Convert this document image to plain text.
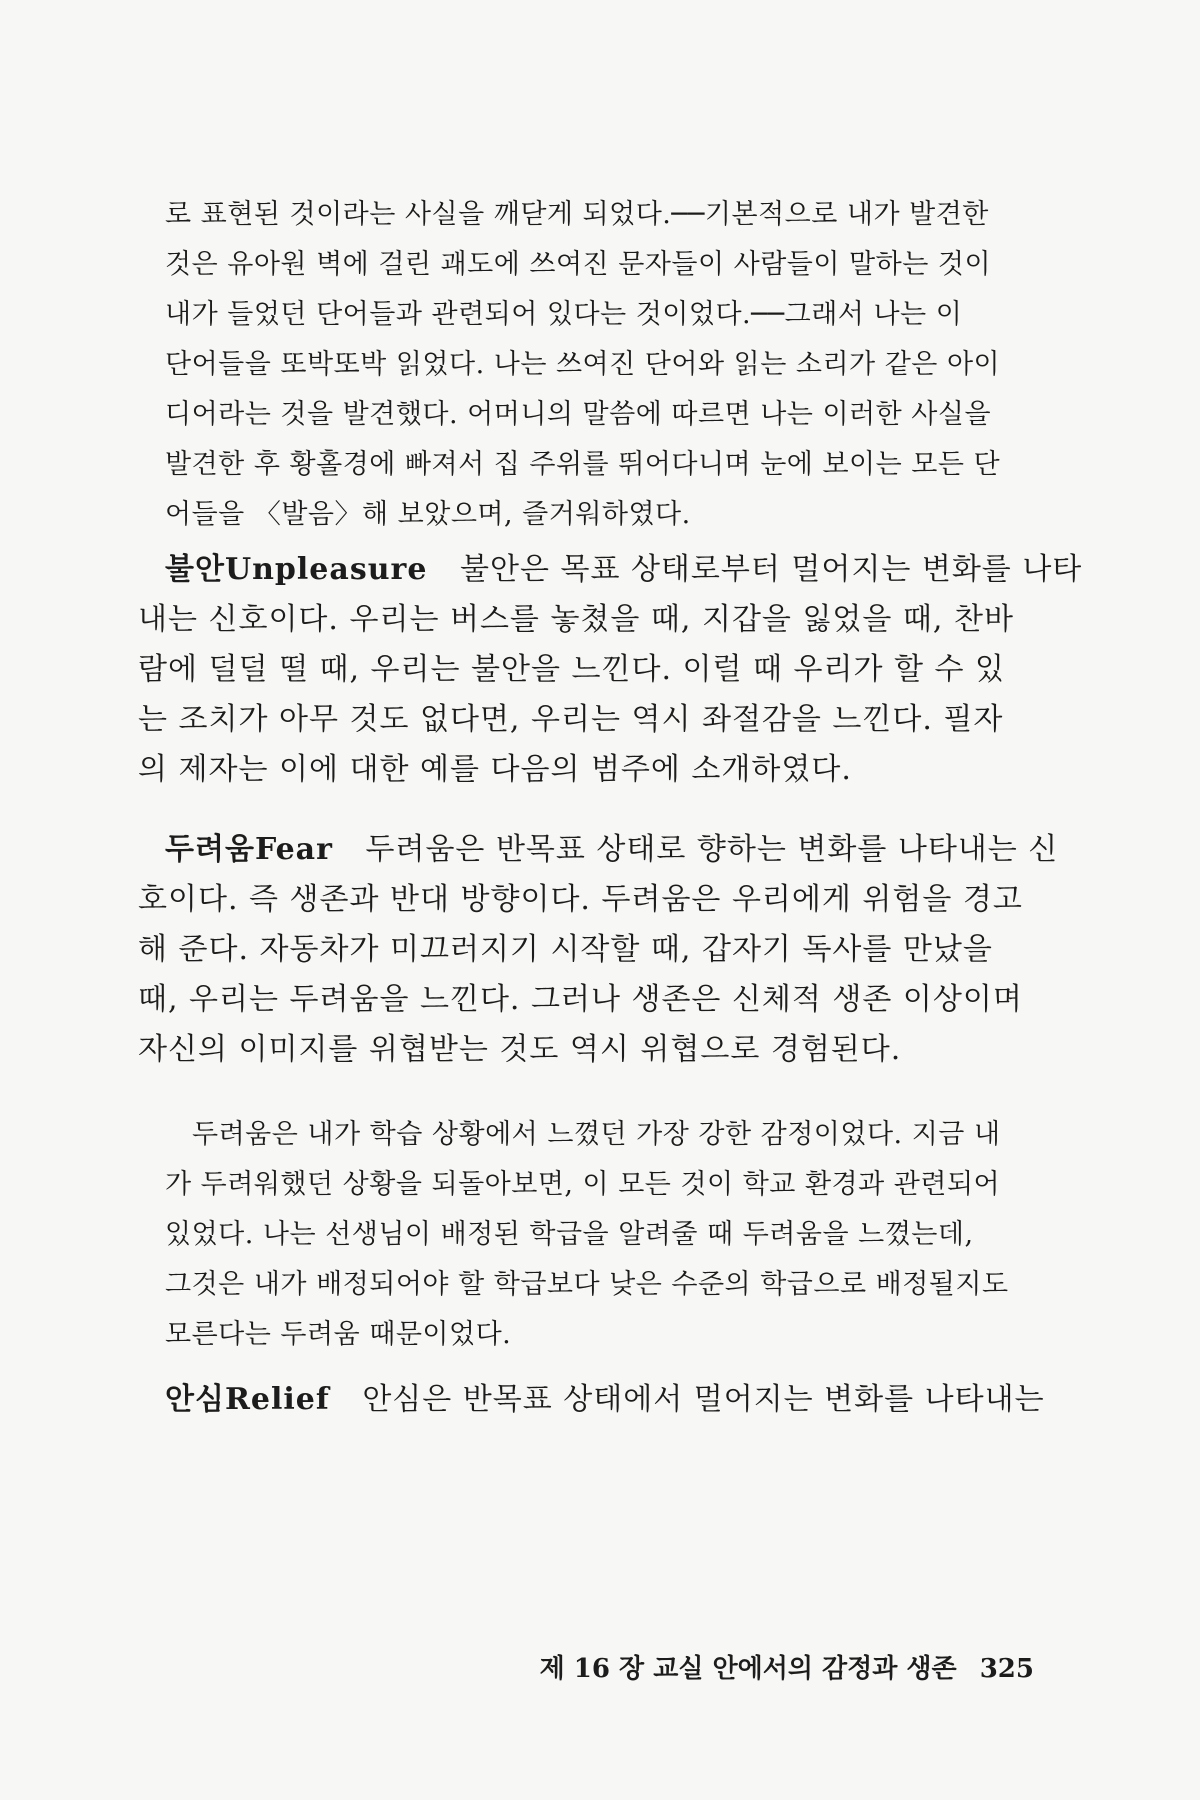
로 표현된 것이라는 사실을 깨닫게 되었다.──기본적으로 내가 발견한
것은 유아원 벽에 걸린 괘도에 쓰여진 문자들이 사람들이 말하는 것이
내가 들었던 단어들과 관련되어 있다는 것이었다.──그래서 나는 이
단어들을 또박또박 읽었다. 나는 쓰여진 단어와 읽는 소리가 같은 아이
디어라는 것을 발견했다. 어머니의 말씀에 따르면 나는 이러한 사실을
발견한 후 황홀경에 빠져서 집 주위를 뛰어다니며 눈에 보이는 모든 단
어들을 〈발음〉해 보았으며, 즐거워하였다.
불안Unpleasure 불안은 목표 상태로부터 멀어지는 변화를 나타
내는 신호이다. 우리는 버스를 놓쳤을 때, 지갑을 잃었을 때, 찬바
람에 덜덜 떨 때, 우리는 불안을 느낀다. 이럴 때 우리가 할 수 있
는 조치가 아무 것도 없다면, 우리는 역시 좌절감을 느낀다. 필자
의 제자는 이에 대한 예를 다음의 범주에 소개하였다.
두려움Fear 두려움은 반목표 상태로 향하는 변화를 나타내는 신
호이다. 즉 생존과 반대 방향이다. 두려움은 우리에게 위험을 경고
해 준다. 자동차가 미끄러지기 시작할 때, 갑자기 독사를 만났을
때, 우리는 두려움을 느낀다. 그러나 생존은 신체적 생존 이상이며
자신의 이미지를 위협받는 것도 역시 위협으로 경험된다.
두려움은 내가 학습 상황에서 느꼈던 가장 강한 감정이었다. 지금 내
가 두려워했던 상황을 되돌아보면, 이 모든 것이 학교 환경과 관련되어
있었다. 나는 선생님이 배정된 학급을 알려줄 때 두려움을 느꼈는데,
그것은 내가 배정되어야 할 학급보다 낮은 수준의 학급으로 배정될지도
모른다는 두려움 때문이었다.
안심Relief 안심은 반목표 상태에서 멀어지는 변화를 나타내는
제 16 장 교실 안에서의 감정과 생존 325
